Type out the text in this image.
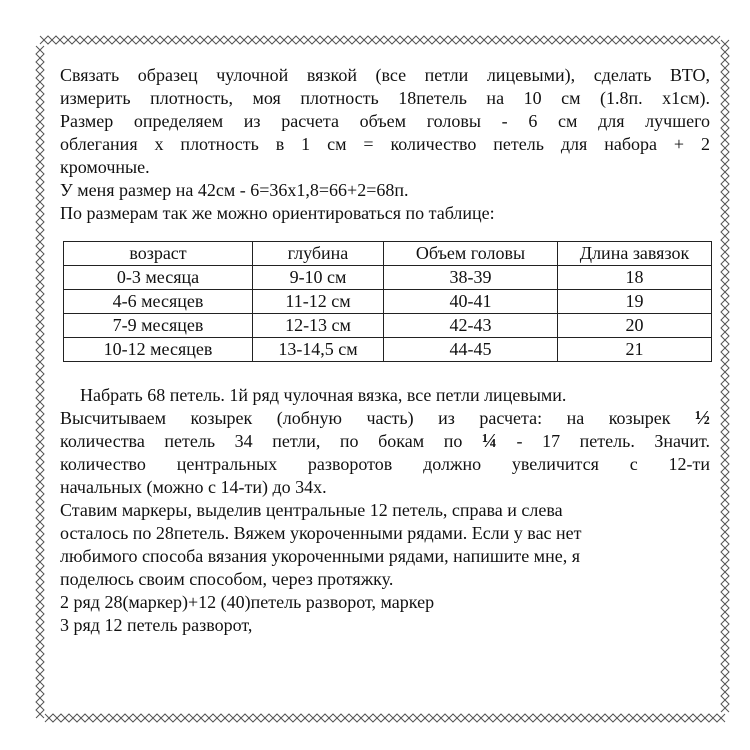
Связать образец чулочной вязкой (все петли лицевыми), сделать ВТО,

измерить плотность, моя плотность 18петель на 10 см (1.8п. х1см).

Размер определяем из расчета объем головы - 6 см для лучшего

облегания х плотность в 1 см = количество петель для набора + 2

кромочные.

У меня размер на 42см - 6=36х1,8=66+2=68п.

По размерам так же можно ориентироваться по таблице:

возраст	глубина	Объем головы	Длина завязок
0-3 месяца	9-10 см	38-39	18
4-6 месяцев	11-12 см	40-41	19
7-9 месяцев	12-13 см	42-43	20
10-12 месяцев	13-14,5 см	44-45	21

Набрать 68 петель. 1й ряд чулочная вязка, все петли лицевыми.

Высчитываем козырек (лобную часть) из расчета: на козырек ½

количества петель 34 петли, по бокам по ¼ - 17 петель. Значит.

количество центральных разворотов должно увеличится с 12-ти

начальных (можно с 14-ти) до 34х.

Ставим маркеры, выделив центральные 12 петель, справа и слева

осталось по 28петель. Вяжем укороченными рядами. Если у вас нет

любимого способа вязания укороченными рядами, напишите мне, я

поделюсь своим способом, через протяжку.

2 ряд 28(маркер)+12 (40)петель разворот, маркер

3 ряд 12 петель разворот,
